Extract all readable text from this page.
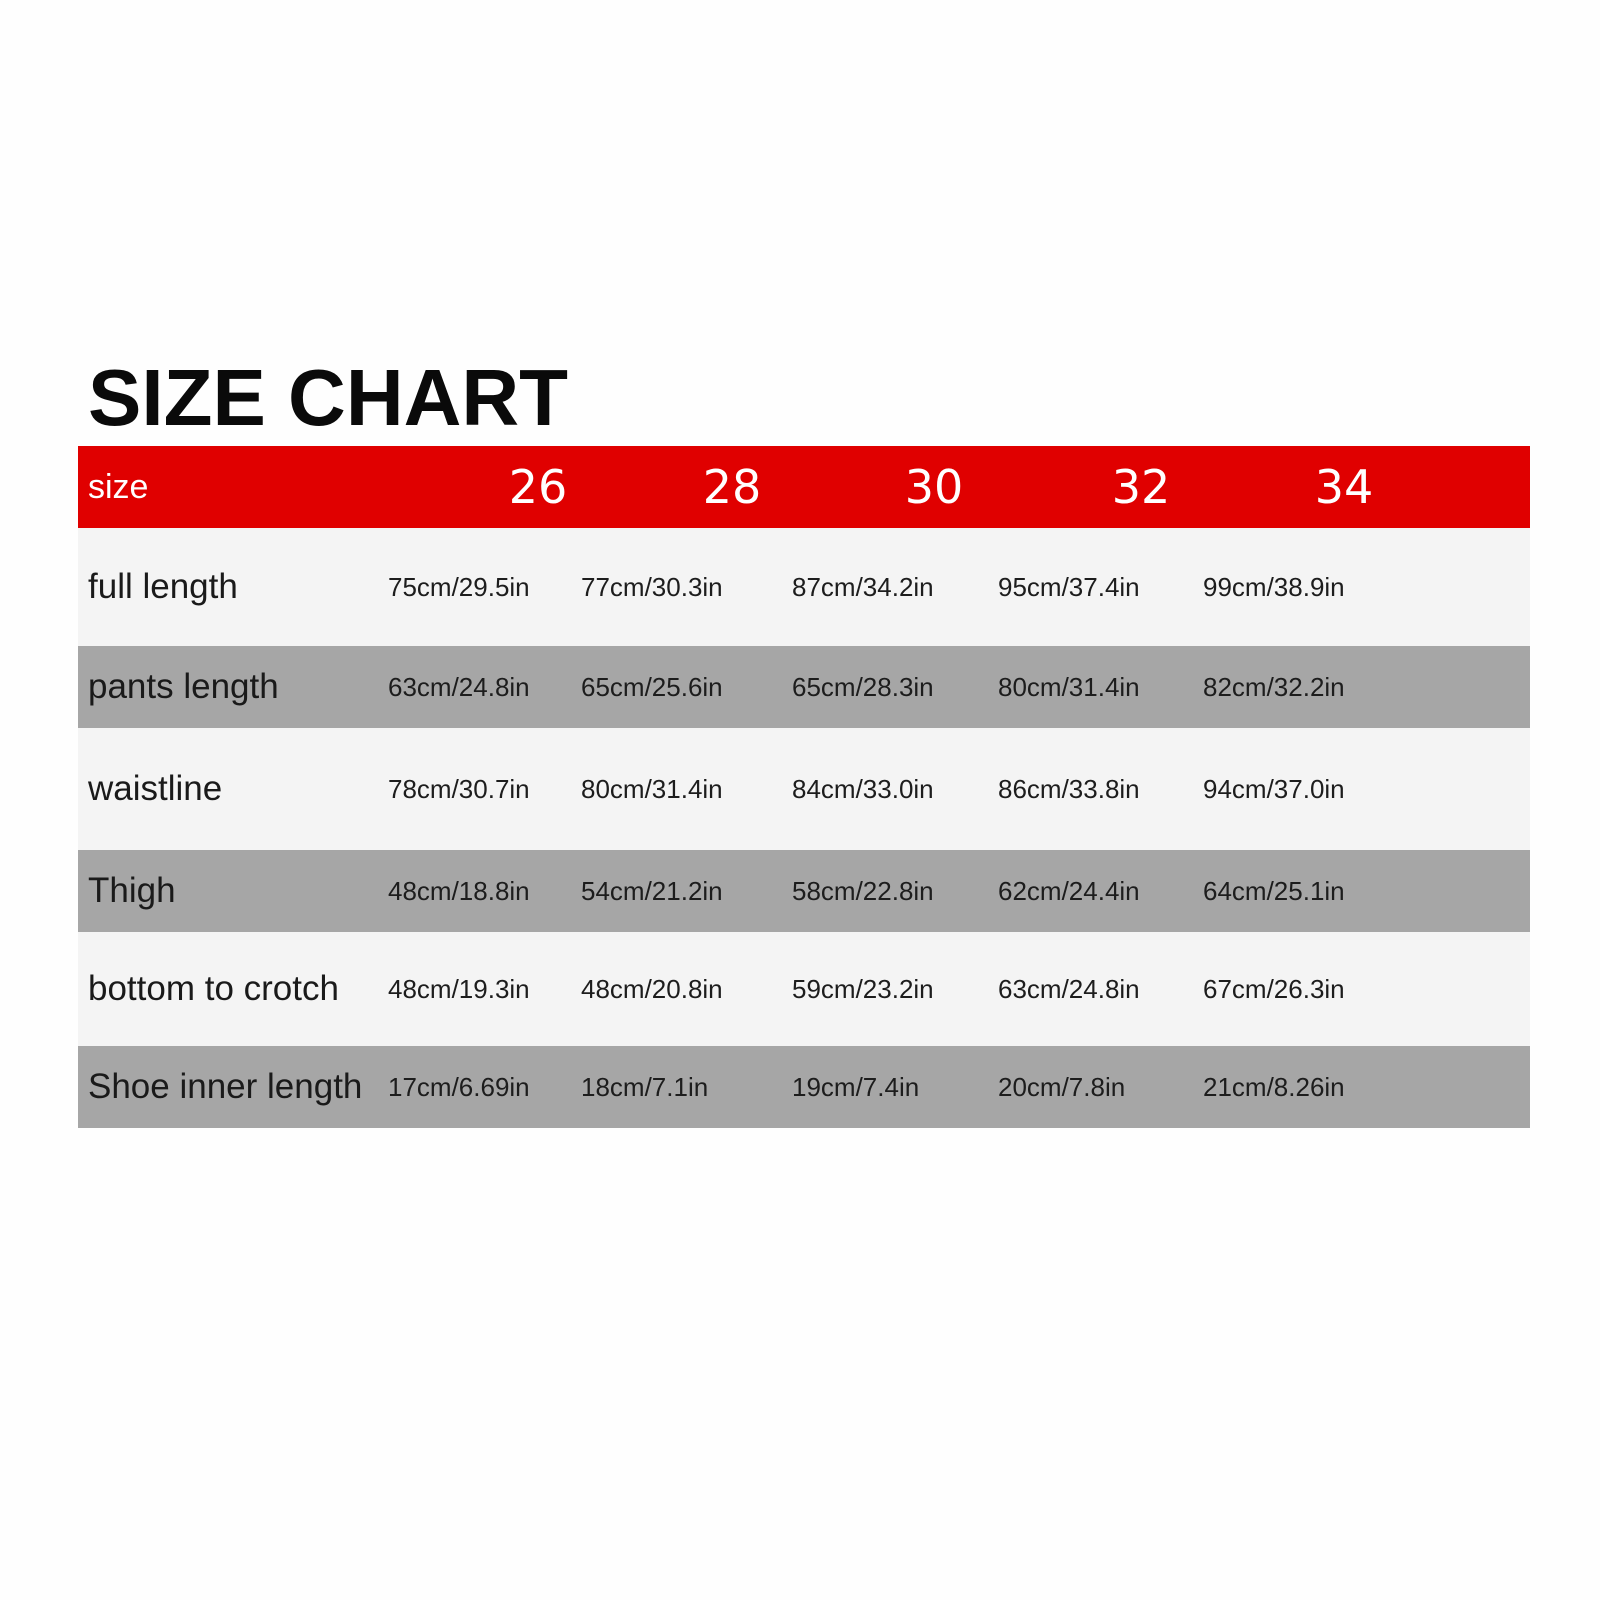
SIZE CHART
size	26	28	30	32	34
full length	75cm/29.5in 77cm/30.3in	87cm/34.2in 95cm/37.4in 99cm/38.9in
pants length	63cm/24.8in 65cm/25.6in	65cm/28.3in 80cm/31.4in 82cm/32.2in
waistline	78cm/30.7in 80cm/31.4in	84cm/33.0in 86cm/33.8in 94cm/37.0in
Thigh	48cm/18.8in 54cm/21.2in	58cm/22.8in 62cm/24.4in 64cm/25.1in
bottom to crotch 48cm/19.3in 48cm/20.8in	59cm/23.2in 63cm/24.8in 67cm/26.3in
Shoe inner length 17cm/6.69in 18cm/7.1in	19cm/7.4in	20cm/7.8in	21cm/8.26in
